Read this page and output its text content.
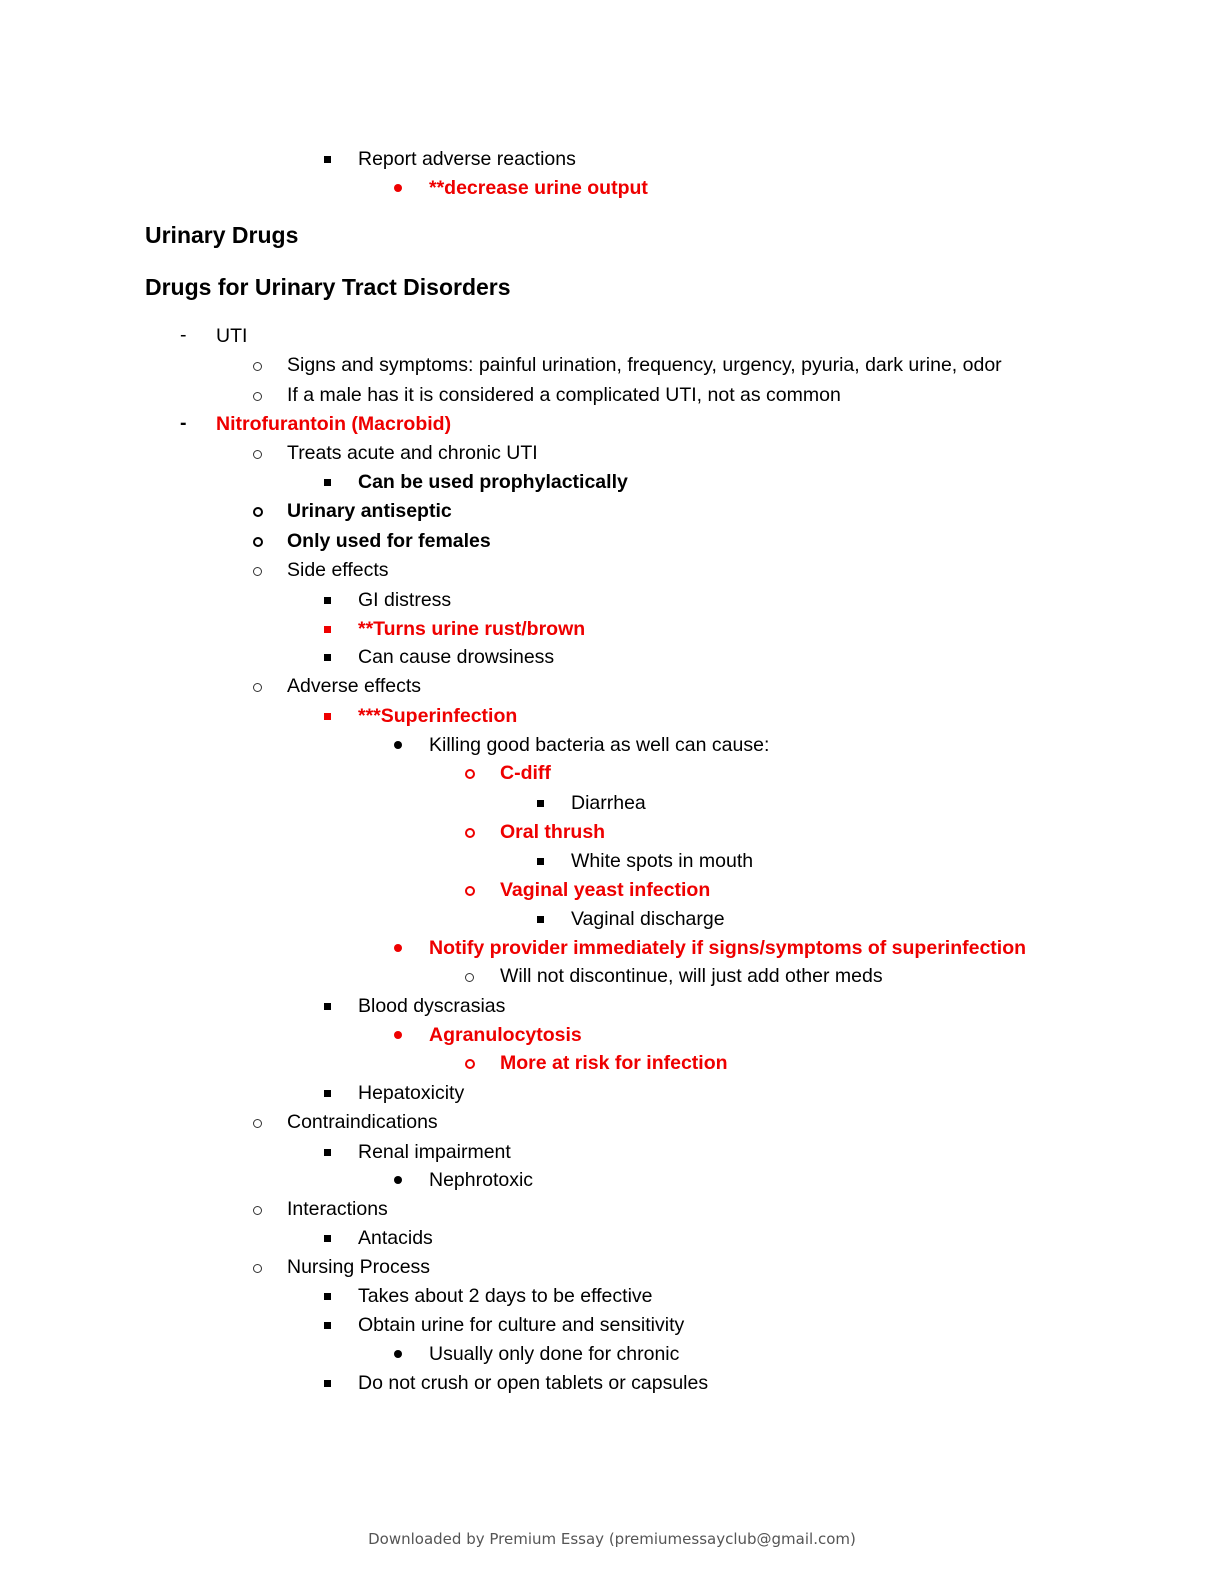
Report adverse reactions
**decrease urine output
Urinary Drugs
Drugs for Urinary Tract Disorders
-
UTI
Signs and symptoms: painful urination, frequency, urgency, pyuria, dark urine, odor
If a male has it is considered a complicated UTI, not as common
-
Nitrofurantoin (Macrobid)
Treats acute and chronic UTI
Can be used prophylactically
Urinary antiseptic
Only used for females
Side effects
GI distress
**Turns urine rust/brown
Can cause drowsiness
Adverse effects
***Superinfection
Killing good bacteria as well can cause:
C-diff
Diarrhea
Oral thrush
White spots in mouth
Vaginal yeast infection
Vaginal discharge
Notify provider immediately if signs/symptoms of superinfection
Will not discontinue, will just add other meds
Blood dyscrasias
Agranulocytosis
More at risk for infection
Hepatoxicity
Contraindications
Renal impairment
Nephrotoxic
Interactions
Antacids
Nursing Process
Takes about 2 days to be effective
Obtain urine for culture and sensitivity
Usually only done for chronic
Do not crush or open tablets or capsules
Downloaded by Premium Essay (premiumessayclub@gmail.com)
